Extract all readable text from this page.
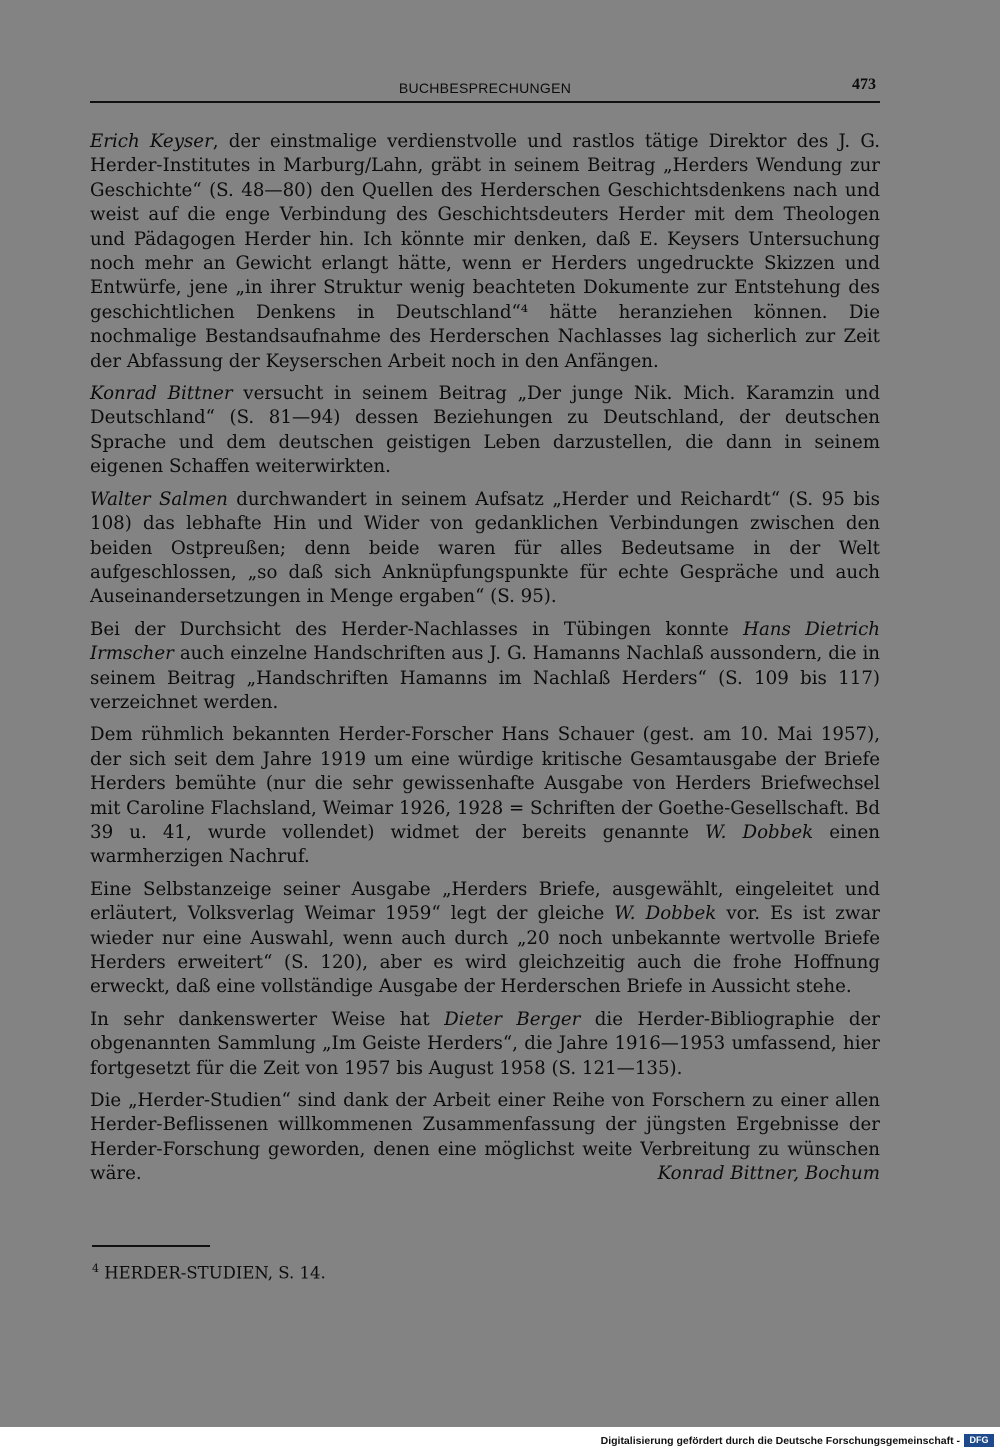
BUCHBESPRECHUNGEN	473

Erich Keyser, der einstmalige verdienstvolle und rastlos tätige Direktor des J. G. Herder-Institutes in Marburg/Lahn, gräbt in seinem Beitrag „Herders Wendung zur Geschichte“ (S. 48—80) den Quellen des Herderschen Geschichtsdenkens nach und weist auf die enge Verbindung des Geschichtsdeuters Herder mit dem Theologen und Pädagogen Herder hin. Ich könnte mir denken, daß E. Keysers Untersuchung noch mehr an Gewicht erlangt hätte, wenn er Herders ungedruckte Skizzen und Entwürfe, jene „in ihrer Struktur wenig beachteten Dokumente zur Entstehung des geschichtlichen Denkens in Deutschland“⁴ hätte heranziehen können. Die nochmalige Bestandsaufnahme des Herderschen Nachlasses lag sicherlich zur Zeit der Abfassung der Keyserschen Arbeit noch in den Anfängen.

Konrad Bittner versucht in seinem Beitrag „Der junge Nik. Mich. Karamzin und Deutschland“ (S. 81—94) dessen Beziehungen zu Deutschland, der deutschen Sprache und dem deutschen geistigen Leben darzustellen, die dann in seinem eigenen Schaffen weiterwirkten.

Walter Salmen durchwandert in seinem Aufsatz „Herder und Reichardt“ (S. 95 bis 108) das lebhafte Hin und Wider von gedanklichen Verbindungen zwischen den beiden Ostpreußen; denn beide waren für alles Bedeutsame in der Welt aufgeschlossen, „so daß sich Anknüpfungspunkte für echte Gespräche und auch Auseinandersetzungen in Menge ergaben“ (S. 95).

Bei der Durchsicht des Herder-Nachlasses in Tübingen konnte Hans Dietrich Irmscher auch einzelne Handschriften aus J. G. Hamanns Nachlaß aussondern, die in seinem Beitrag „Handschriften Hamanns im Nachlaß Herders“ (S. 109 bis 117) verzeichnet werden.

Dem rühmlich bekannten Herder-Forscher Hans Schauer (gest. am 10. Mai 1957), der sich seit dem Jahre 1919 um eine würdige kritische Gesamtausgabe der Briefe Herders bemühte (nur die sehr gewissenhafte Ausgabe von Herders Briefwechsel mit Caroline Flachsland, Weimar 1926, 1928 = Schriften der Goethe-Gesellschaft. Bd 39 u. 41, wurde vollendet) widmet der bereits genannte W. Dobbek einen warmherzigen Nachruf.

Eine Selbstanzeige seiner Ausgabe „Herders Briefe, ausgewählt, eingeleitet und erläutert, Volksverlag Weimar 1959“ legt der gleiche W. Dobbek vor. Es ist zwar wieder nur eine Auswahl, wenn auch durch „20 noch unbekannte wertvolle Briefe Herders erweitert“ (S. 120), aber es wird gleichzeitig auch die frohe Hoffnung erweckt, daß eine vollständige Ausgabe der Herderschen Briefe in Aussicht stehe.

In sehr dankenswerter Weise hat Dieter Berger die Herder-Bibliographie der obgenannten Sammlung „Im Geiste Herders“, die Jahre 1916—1953 umfassend, hier fortgesetzt für die Zeit von 1957 bis August 1958 (S. 121—135).

Die „Herder-Studien“ sind dank der Arbeit einer Reihe von Forschern zu einer allen Herder-Beflissenen willkommenen Zusammenfassung der jüngsten Ergebnisse der Herder-Forschung geworden, denen eine möglichst weite Verbreitung zu wünschen wäre.	Konrad Bittner, Bochum

$^4$ HERDER-STUDIEN, S. 14.
Digitalisierung gefördert durch die Deutsche Forschungsgemeinschaft -	DFG
